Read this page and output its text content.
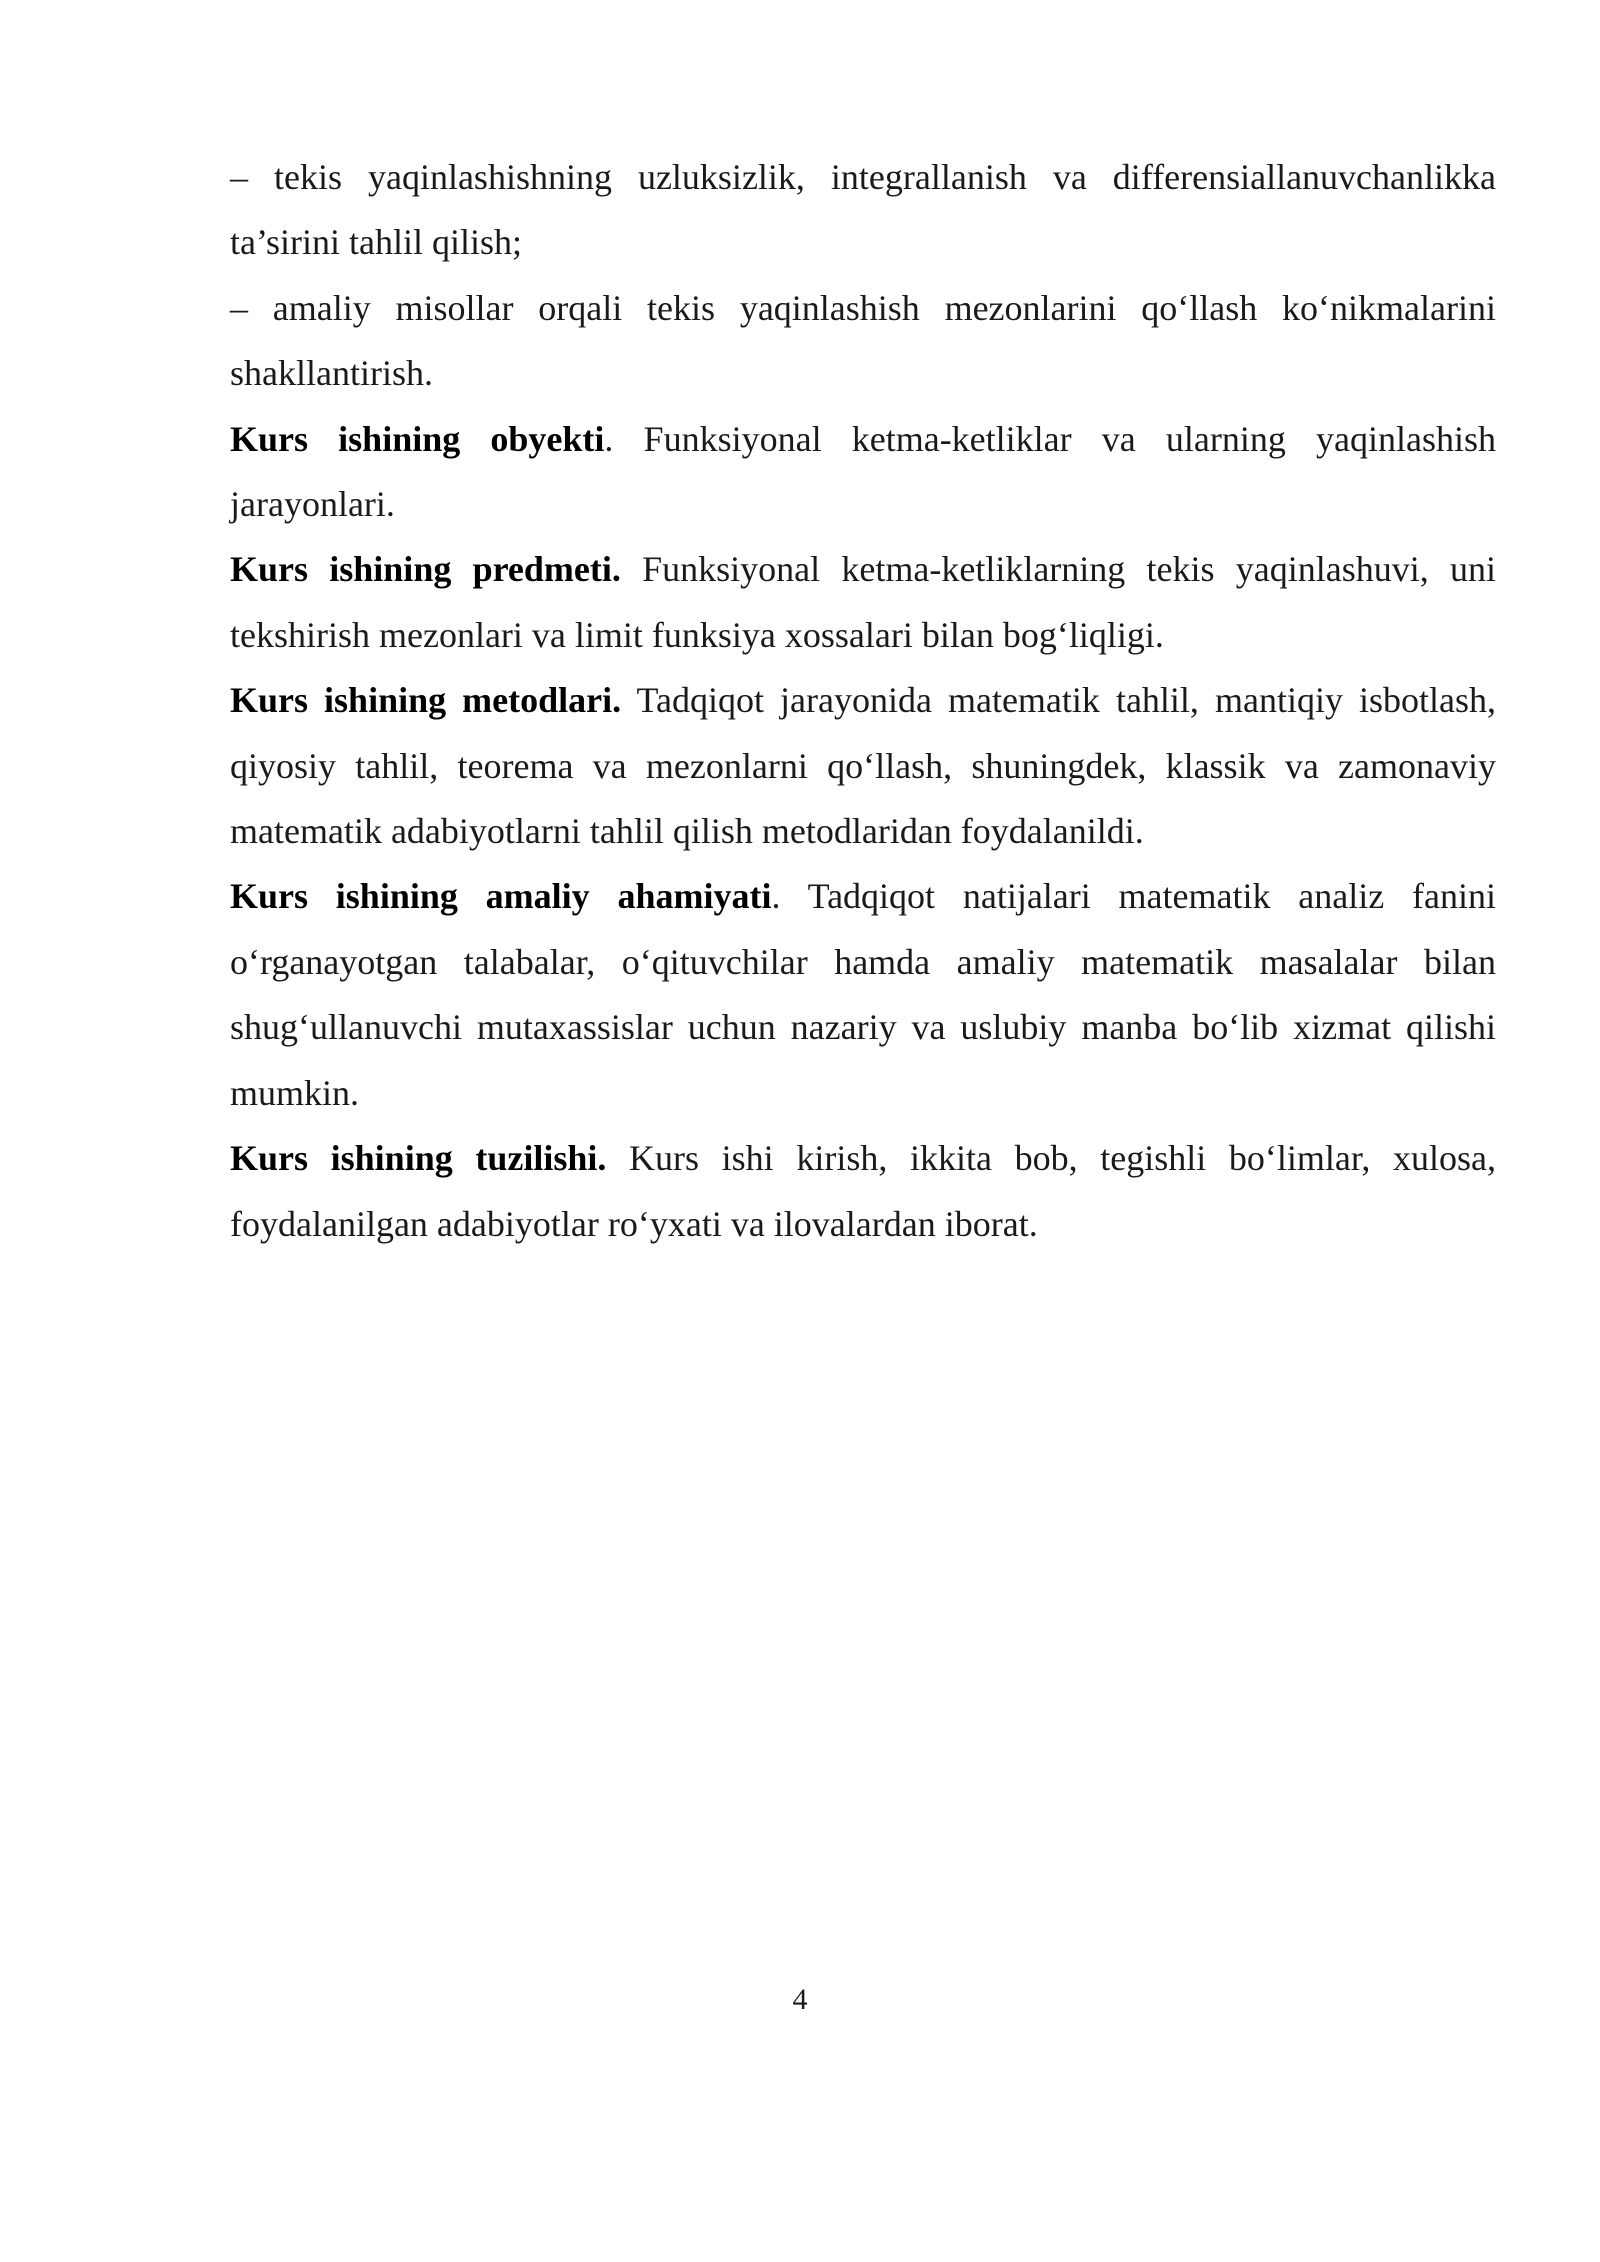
– tekis yaqinlashishning uzluksizlik, integrallanish va differensiallanuvchanlikka ta’sirini tahlil qilish;

– amaliy misollar orqali tekis yaqinlashish mezonlarini qo‘llash ko‘nikmalarini shakllantirish.

Kurs ishining obyekti. Funksiyonal ketma-ketliklar va ularning yaqinlashish jarayonlari.

Kurs ishining predmeti. Funksiyonal ketma-ketliklarning tekis yaqinlashuvi, uni tekshirish mezonlari va limit funksiya xossalari bilan bog‘liqligi.

Kurs ishining metodlari. Tadqiqot jarayonida matematik tahlil, mantiqiy isbotlash, qiyosiy tahlil, teorema va mezonlarni qo‘llash, shuningdek, klassik va zamonaviy matematik adabiyotlarni tahlil qilish metodlaridan foydalanildi.

Kurs ishining amaliy ahamiyati. Tadqiqot natijalari matematik analiz fanini o‘rganayotgan talabalar, o‘qituvchilar hamda amaliy matematik masalalar bilan shug‘ullanuvchi mutaxassislar uchun nazariy va uslubiy manba bo‘lib xizmat qilishi mumkin.

Kurs ishining tuzilishi. Kurs ishi kirish, ikkita bob, tegishli bo‘limlar, xulosa, foydalanilgan adabiyotlar ro‘yxati va ilovalardan iborat.

4
